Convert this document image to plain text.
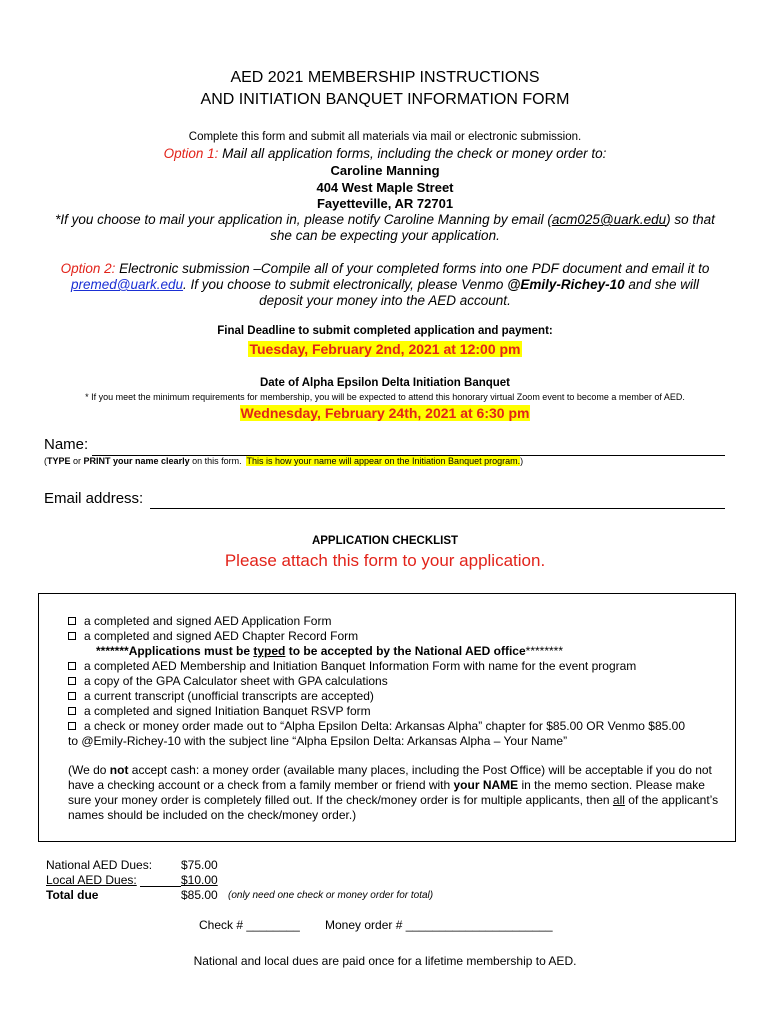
AED 2021 MEMBERSHIP INSTRUCTIONS
AND INITIATION BANQUET INFORMATION FORM
Complete this form and submit all materials via mail or electronic submission.
Option 1: Mail all application forms, including the check or money order to:
Caroline Manning
404 West Maple Street
Fayetteville, AR 72701
*If you choose to mail your application in, please notify Caroline Manning by email (acm025@uark.edu) so that
she can be expecting your application.
Option 2: Electronic submission –Compile all of your completed forms into one PDF document and email it to
premed@uark.edu. If you choose to submit electronically, please Venmo @Emily-Richey-10 and she will
deposit your money into the AED account.
Final Deadline to submit completed application and payment:
Tuesday, February 2nd, 2021 at 12:00 pm
Date of Alpha Epsilon Delta Initiation Banquet
* If you meet the minimum requirements for membership, you will be expected to attend this honorary virtual Zoom event to become a member of AED.
Wednesday, February 24th, 2021 at 6:30 pm
Name:
(TYPE or PRINT your name clearly on this form. This is how your name will appear on the Initiation Banquet program.)
Email address:
APPLICATION CHECKLIST
Please attach this form to your application.
a completed and signed AED Application Form
a completed and signed AED Chapter Record Form
*******Applications must be typed to be accepted by the National AED office********
a completed AED Membership and Initiation Banquet Information Form with name for the event program
a copy of the GPA Calculator sheet with GPA calculations
a current transcript (unofficial transcripts are accepted)
a completed and signed Initiation Banquet RSVP form
a check or money order made out to “Alpha Epsilon Delta: Arkansas Alpha” chapter for $85.00 OR Venmo $85.00
to @Emily-Richey-10 with the subject line “Alpha Epsilon Delta: Arkansas Alpha – Your Name”
(We do not accept cash: a money order (available many places, including the Post Office) will be acceptable if you do not have a checking account or a check from a family member or friend with your NAME in the memo section. Please make sure your money order is completely filled out. If the check/money order is for multiple applicants, then all of the applicant’s names should be included on the check/money order.)
National AED Dues: $75.00
Local AED Dues:	$10.00
Total due	$85.00 (only need one check or money order for total)
Check # ________ Money order # ______________________
National and local dues are paid once for a lifetime membership to AED.
